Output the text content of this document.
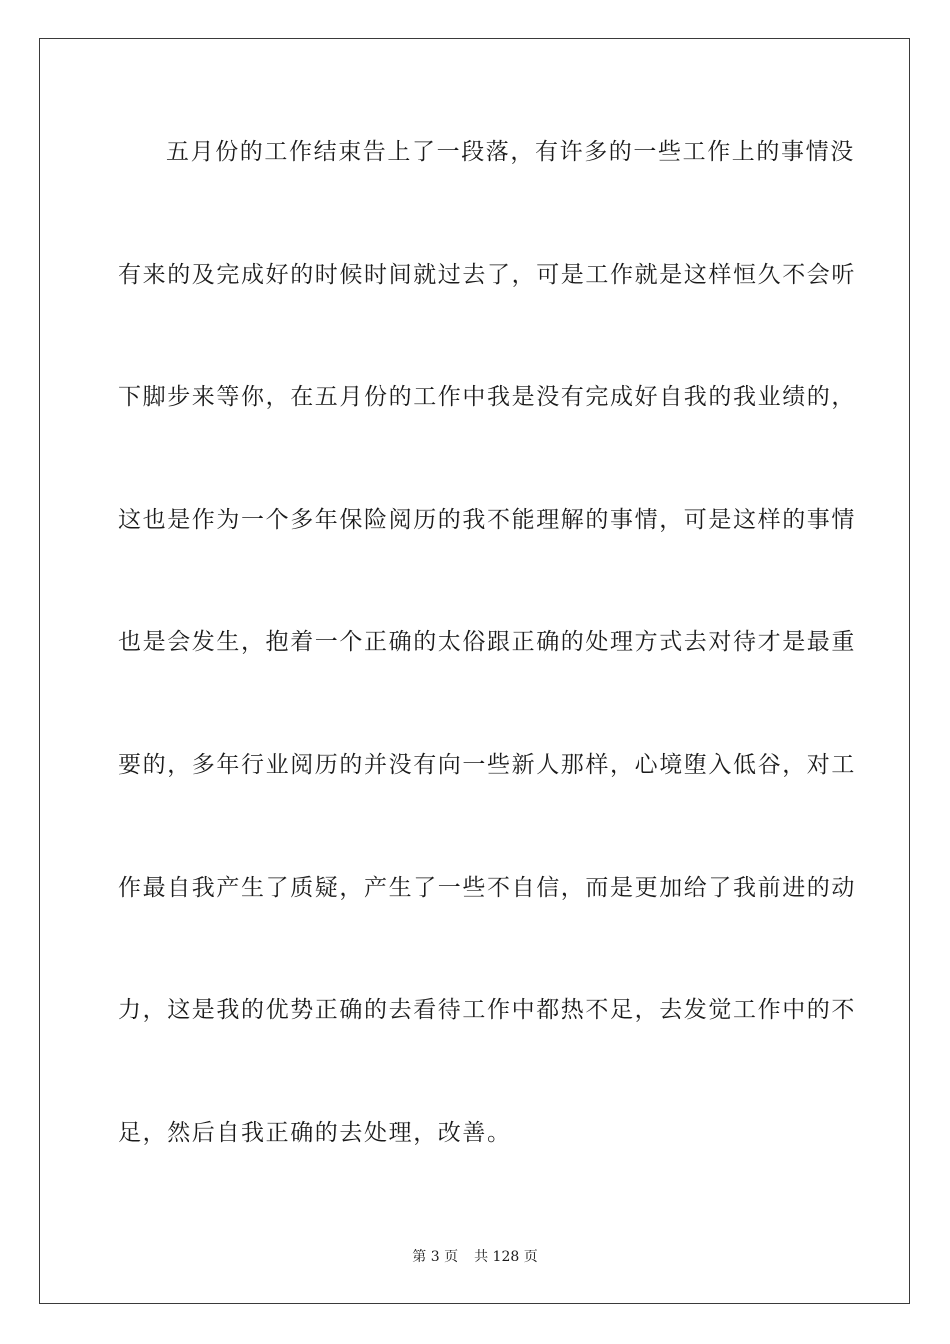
五月份的工作结束告上了一段落，有许多的一些工作上的事情没
有来的及完成好的时候时间就过去了，可是工作就是这样恒久不会听
下脚步来等你，在五月份的工作中我是没有完成好自我的我业绩的，
这也是作为一个多年保险阅历的我不能理解的事情，可是这样的事情
也是会发生，抱着一个正确的太俗跟正确的处理方式去对待才是最重
要的，多年行业阅历的并没有向一些新人那样，心境堕入低谷，对工
作最自我产生了质疑，产生了一些不自信，而是更加给了我前进的动
力，这是我的优势正确的去看待工作中都热不足，去发觉工作中的不
足，然后自我正确的去处理，改善。
第 3 页 共 128 页
